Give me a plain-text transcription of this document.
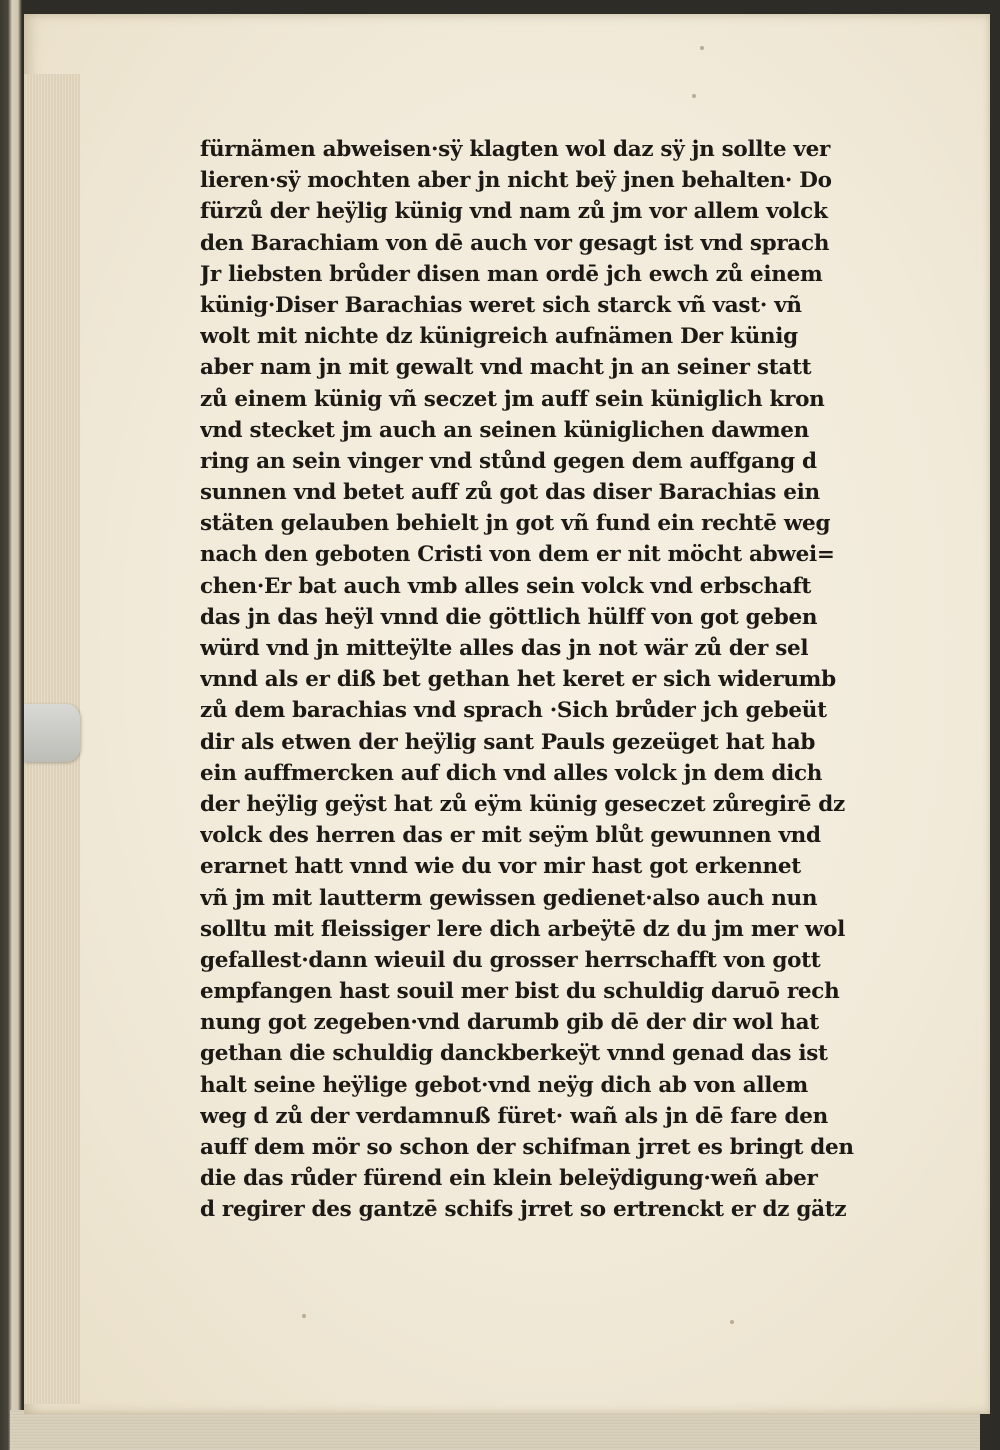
fürnämen abweisen·sÿ klagten wol daz sÿ jn sollte ver
lieren·sÿ mochten aber jn nicht beÿ jnen behalten· Do
fürzů der heÿlig künig vnd nam zů jm vor allem volck
den Barachiam von dē auch vor gesagt ist vnd sprach
Jr liebsten brůder disen man ordē jch ewch zů einem
künig·Diser Barachias weret sich starck vñ vast· vñ
wolt mit nichte dz künigreich aufnämen Der künig
aber nam jn mit gewalt vnd macht jn an seiner statt
zů einem künig vñ seczet jm auff sein küniglich kron
vnd stecket jm auch an seinen küniglichen dawmen
ring an sein vinger vnd stůnd gegen dem auffgang d
sunnen vnd betet auff zů got das diser Barachias ein
stäten gelauben behielt jn got vñ fund ein rechtē weg
nach den geboten Cristi von dem er nit möcht abwei=
chen·Er bat auch vmb alles sein volck vnd erbschaft
das jn das heÿl vnnd die göttlich hülff von got geben
würd vnd jn mitteÿlte alles das jn not wär zů der sel
vnnd als er diß bet gethan het keret er sich widerumb
zů dem barachias vnd sprach ·Sich brůder jch gebeüt
dir als etwen der heÿlig sant Pauls gezeüget hat hab
ein auffmercken auf dich vnd alles volck jn dem dich
der heÿlig geÿst hat zů eÿm künig geseczet zůregirē dz
volck des herren das er mit seÿm blůt gewunnen vnd
erarnet hatt vnnd wie du vor mir hast got erkennet
vñ jm mit lautterm gewissen gedienet·also auch nun
solltu mit fleissiger lere dich arbeÿtē dz du jm mer wol
gefallest·dann wieuil du grosser herrschafft von gott
empfangen hast souil mer bist du schuldig daruō rech
nung got zegeben·vnd darumb gib dē der dir wol hat
gethan die schuldig danckberkeÿt vnnd genad das ist
halt seine heÿlige gebot·vnd neÿg dich ab von allem
weg d zů der verdamnuß füret· wañ als jn dē fare den
auff dem mör so schon der schifman jrret es bringt den
die das růder fürend ein klein beleÿdigung·weñ aber
d regirer des gantzē schifs jrret so ertrenckt er dz gätz
